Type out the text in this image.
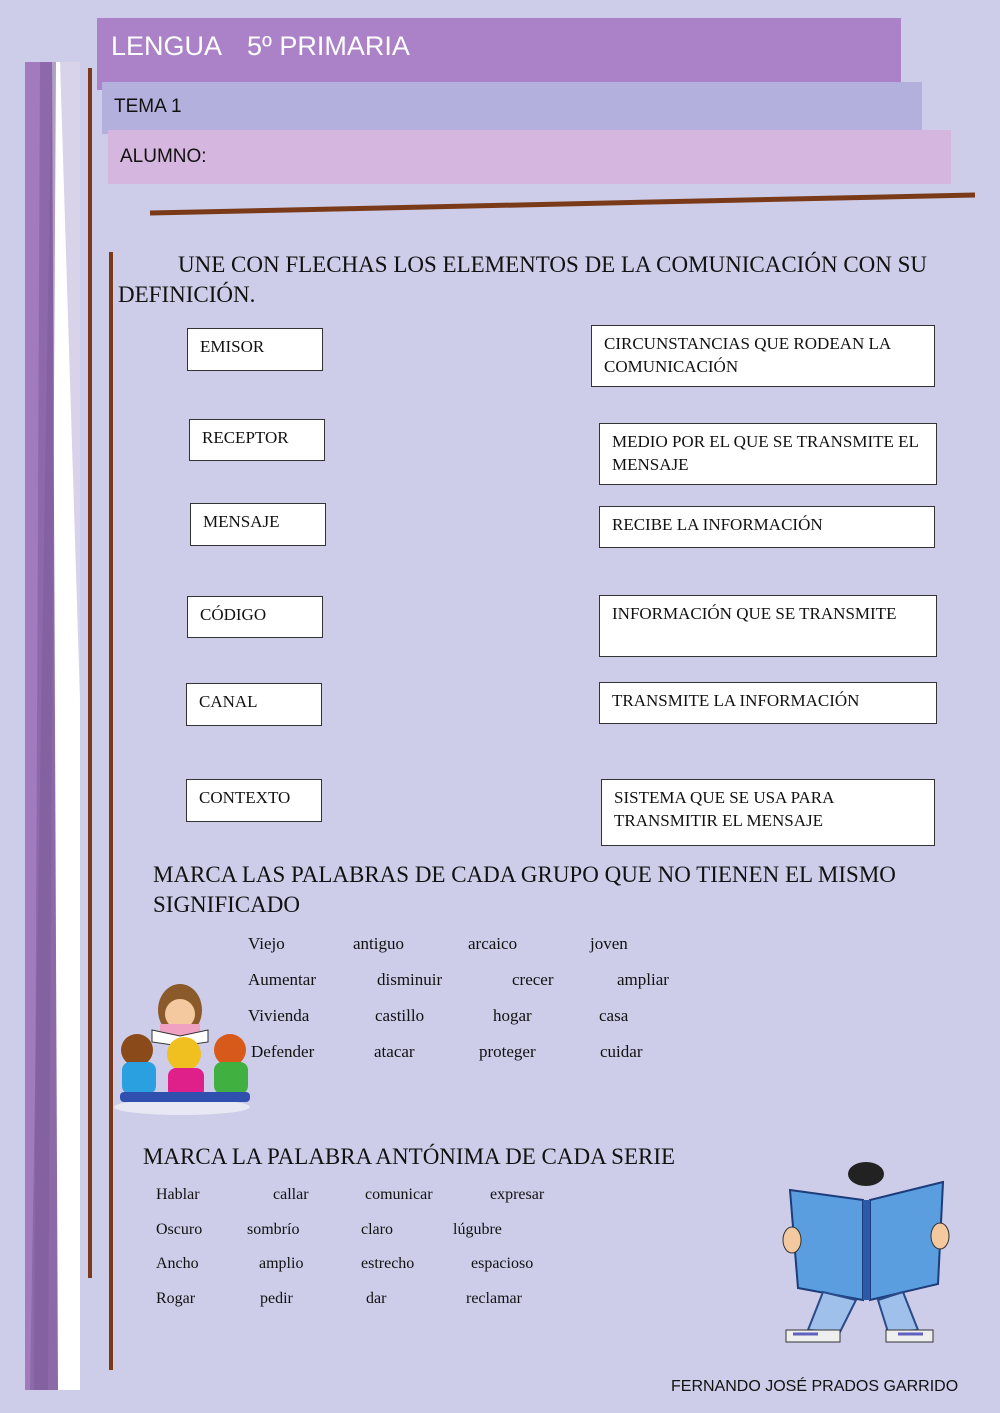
LENGUA 5º PRIMARIA
TEMA 1
ALUMNO:
UNE CON FLECHAS LOS ELEMENTOS DE LA COMUNICACIÓN CON SU DEFINICIÓN.
EMISOR
RECEPTOR
MENSAJE
CÓDIGO
CANAL
CONTEXTO
CIRCUNSTANCIAS QUE RODEAN LA COMUNICACIÓN
MEDIO POR EL QUE SE TRANSMITE EL MENSAJE
RECIBE LA INFORMACIÓN
INFORMACIÓN QUE SE TRANSMITE
TRANSMITE LA INFORMACIÓN
SISTEMA QUE SE USA PARA TRANSMITIR EL MENSAJE
MARCA LAS PALABRAS DE CADA GRUPO QUE NO TIENEN EL MISMO SIGNIFICADO
Viejo	antiguo	arcaico	joven
Aumentar	disminuir	crecer	ampliar
Vivienda	castillo	hogar	casa
Defender	atacar	proteger	cuidar
MARCA LA PALABRA ANTÓNIMA DE CADA SERIE
Hablar	callar	comunicar	expresar
Oscuro	sombrío	claro	lúgubre
Ancho	amplio	estrecho	espacioso
Rogar	pedir	dar	reclamar
FERNANDO JOSÉ PRADOS GARRIDO
